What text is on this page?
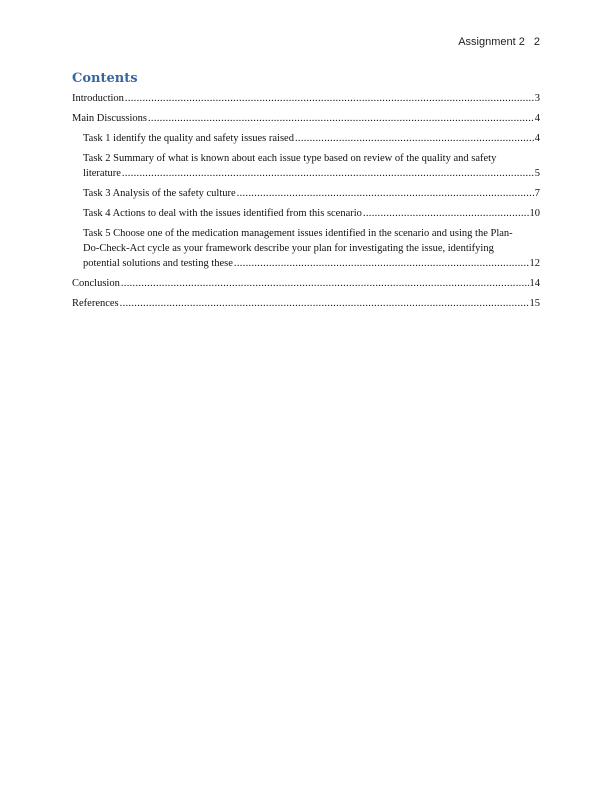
Assignment 2 2
Contents
Introduction .....	3
Main Discussions .....	4
Task 1 identify the quality and safety issues raised .....	4
Task 2 Summary of what is known about each issue type based on review of the quality and safety
literature .....	5
Task 3 Analysis of the safety culture .....	7
Task 4 Actions to deal with the issues identified from this scenario .....	10
Task 5 Choose one of the medication management issues identified in the scenario and using the Plan-
Do-Check-Act cycle as your framework describe your plan for investigating the issue, identifying
potential solutions and testing these .....	12
Conclusion .....	14
References .....	15
